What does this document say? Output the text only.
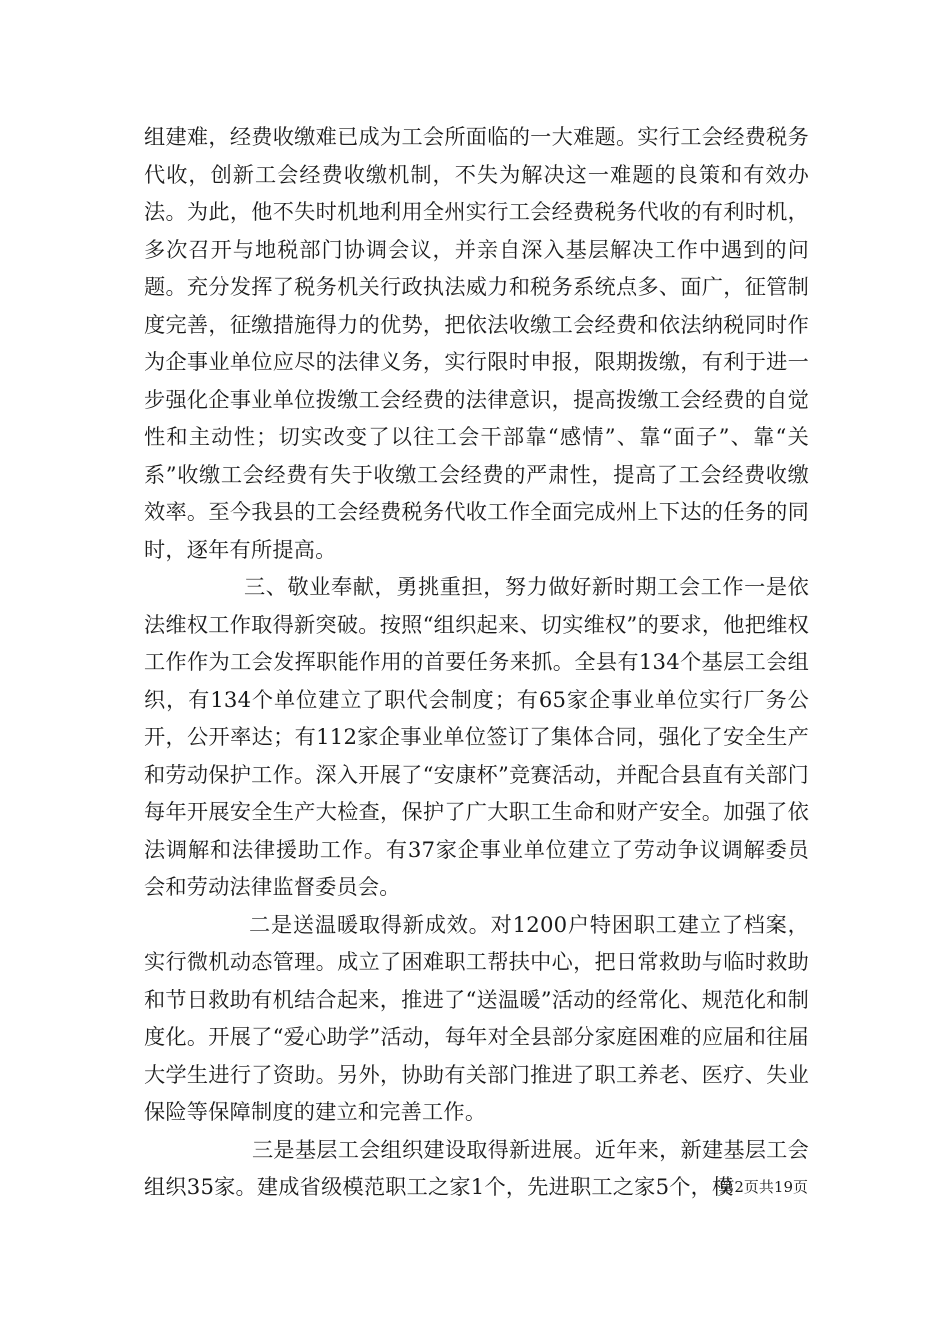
组建难，经费收缴难已成为工会所面临的一大难题。实行工会经费税务代收，创新工会经费收缴机制，不失为解决这一难题的良策和有效办法。为此，他不失时机地利用全州实行工会经费税务代收的有利时机，多次召开与地税部门协调会议，并亲自深入基层解决工作中遇到的问题。充分发挥了税务机关行政执法威力和税务系统点多、面广，征管制度完善，征缴措施得力的优势，把依法收缴工会经费和依法纳税同时作为企事业单位应尽的法律义务，实行限时申报，限期拨缴，有利于进一步强化企事业单位拨缴工会经费的法律意识，提高拨缴工会经费的自觉性和主动性；切实改变了以往工会干部靠“感情”、靠“面子”、靠“关系”收缴工会经费有失于收缴工会经费的严肃性，提高了工会经费收缴效率。至今我县的工会经费税务代收工作全面完成州上下达的任务的同时，逐年有所提高。

三、敬业奉献，勇挑重担，努力做好新时期工会工作一是依法维权工作取得新突破。按照“组织起来、切实维权”的要求，他把维权工作作为工会发挥职能作用的首要任务来抓。全县有134个基层工会组织，有134个单位建立了职代会制度；有65家企事业单位实行厂务公开，公开率达；有112家企事业单位签订了集体合同，强化了安全生产和劳动保护工作。深入开展了“安康杯”竞赛活动，并配合县直有关部门每年开展安全生产大检查，保护了广大职工生命和财产安全。加强了依法调解和法律援助工作。有37家企事业单位建立了劳动争议调解委员会和劳动法律监督委员会。

二是送温暖取得新成效。对1200户特困职工建立了档案，实行微机动态管理。成立了困难职工帮扶中心，把日常救助与临时救助和节日救助有机结合起来，推进了“送温暖”活动的经常化、规范化和制度化。开展了“爱心助学”活动，每年对全县部分家庭困难的应届和往届大学生进行了资助。另外，协助有关部门推进了职工养老、医疗、失业保险等保障制度的建立和完善工作。

三是基层工会组织建设取得新进展。近年来，新建基层工会组织35家。建成省级模范职工之家1个，先进职工之家5个，模

第2页共19页
